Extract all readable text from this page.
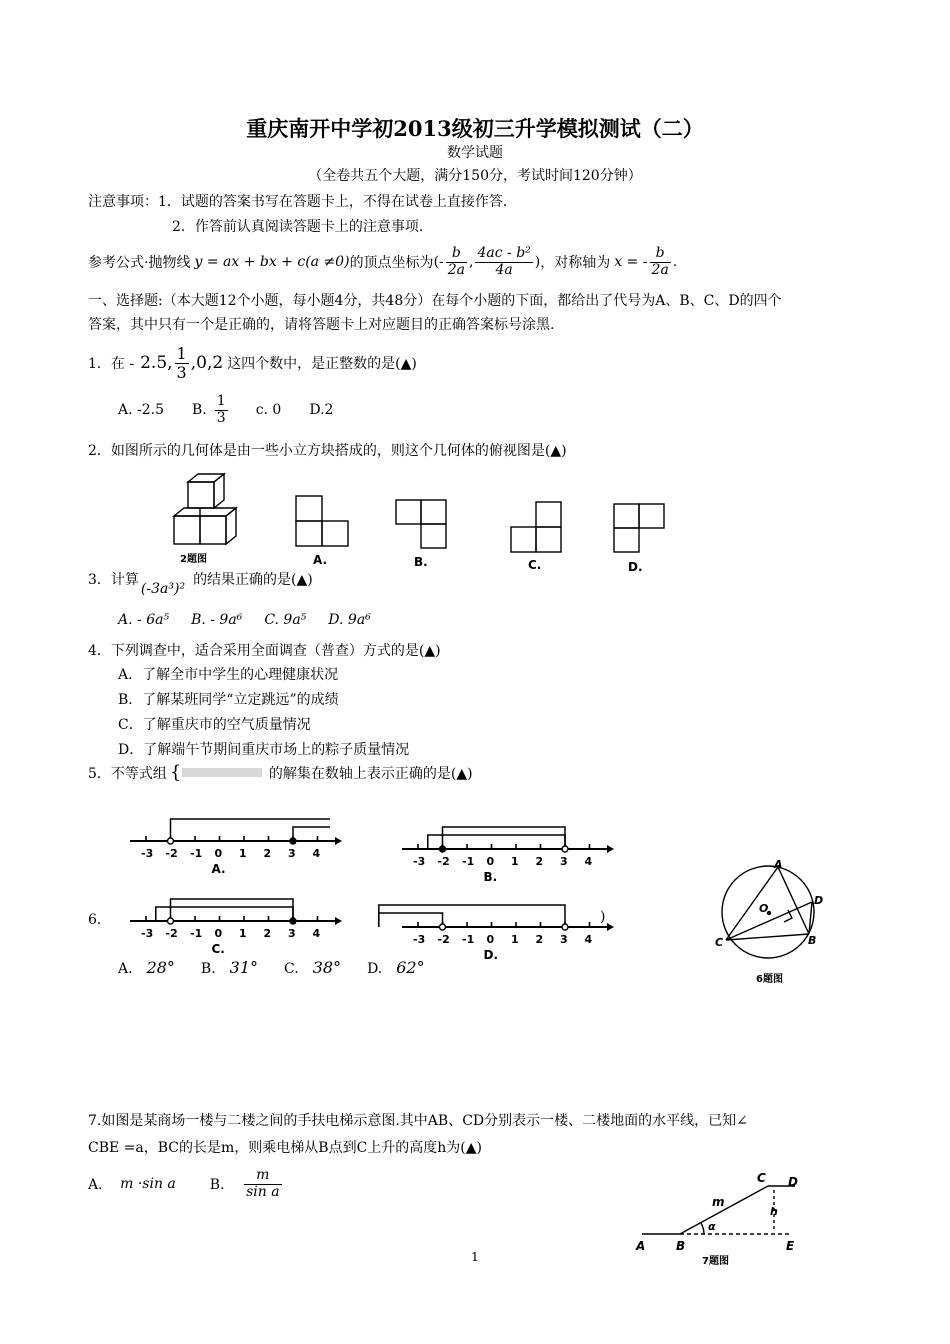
重庆南开中学初2013级初三升学模拟测试（二）
数学试题
（全卷共五个大题，满分150分，考试时间120分钟）
注意事项：1．试题的答案书写在答题卡上，不得在试卷上直接作答．
2．作答前认真阅读答题卡上的注意事项．
参考公式·抛物线 y = ax + bx + c(a ≠0) 的顶点坐标为 (- $\frac{b}{2a}$ , $\frac{\text{4ac - b²}}{4a}$ ) ，对称轴为 x = - $\frac{b}{2a}$ .
一、选择题:（本大题12个小题，每小题4分，共48分）在每个小题的下面，都给出了代号为A、B、C、D的四个
答案，其中只有一个是正确的，请将答题卡上对应题目的正确答案标号涂黑.
1．在 - 2.5, $\frac{1}{3} ,0,2$ 这四个数中，是正整数的是(▲)
A. -2.5 B. $\frac{1}{3} c$. 0 D.2
2．如图所示的几何体是由一些小立方块搭成的，则这个几何体的俯视图是(▲)
2题图	A.	B.	C.	D.
3．计算
(-3a³)²
的结果正确的是(▲)
A. - 6a⁵ B. - 9a⁶ C. 9a⁵ D. 9a⁶
4．下列调查中，适合采用全面调查（普查）方式的是(▲)
A．了解全市中学生的心理健康状况
B．了解某班同学“立定跳远”的成绩
C．了解重庆市的空气质量情况
D．了解端午节期间重庆市场上的粽子质量情况
5．不等式组 {	的解集在数轴上表示正确的是(▲)
-3 -2 -1 0 1 2 3 4
A.
-3 -2 -1 0 1 2 3 4
B.
-3 -2 -1 0 1 2 3 4
C.
-3 -2 -1 0 1 2 3 4
D.
6．	)
A. 28° B. 31° C. 38° D. 62°
A
O
D
C	B
6题图
7.如图是某商场一楼与二楼之间的手扶电梯示意图.其中AB、CD分别表示一楼、二楼地面的水平线，已知∠
CBE =a，BC的长是m，则乘电梯从B点到C上升的高度h为(▲)
A． m ·sin a B． $\frac{m}{\text{sin a}}$
A	B
C D
E
m
h
α
7题图
1
